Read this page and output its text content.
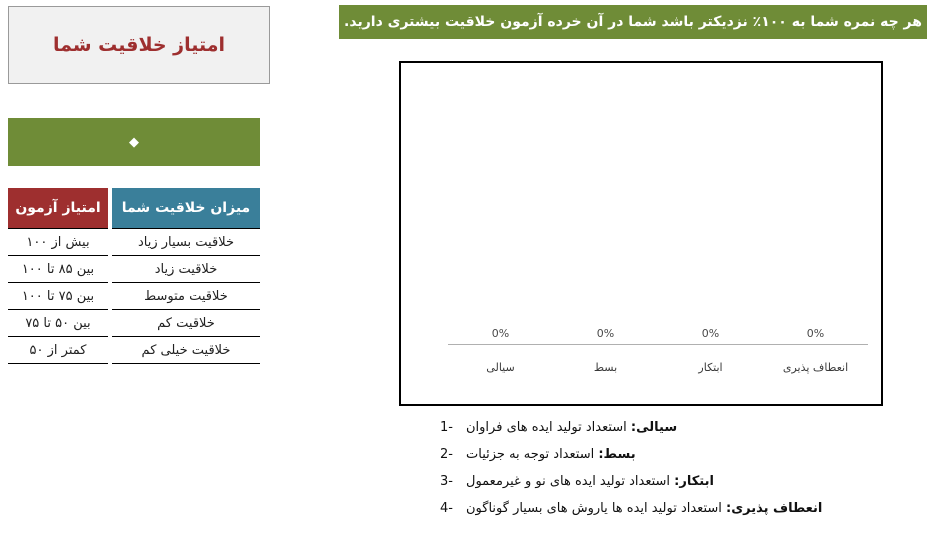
امتیاز خلاقیت شما
◆
میزان خلاقیت شما		امتیاز آزمون
خلاقیت بسیار زیاد		بیش از ۱۰۰
خلاقیت زیاد		بین ۸۵ تا ۱۰۰
خلاقیت متوسط		بین ۷۵ تا ۱۰۰
خلاقیت کم		بین ۵۰ تا ۷۵
خلاقیت خیلی کم		کمتر از ۵۰
هر چه نمره شما به ۱۰۰٪ نزدیکتر باشد شما در آن خرده آزمون خلاقیت بیشتری دارید.
0%
انعطاف پذیری
0%
ابتکار
0%
بسط
0%
سیالی
1-	سیالی: استعداد تولید ایده های فراوان
2-	بسط: استعداد توجه به جزئیات
3-	ابتکار: استعداد تولید ایده های نو و غیرمعمول
4-	انعطاف پذیری: استعداد تولید ایده ها یاروش های بسیار گوناگون
